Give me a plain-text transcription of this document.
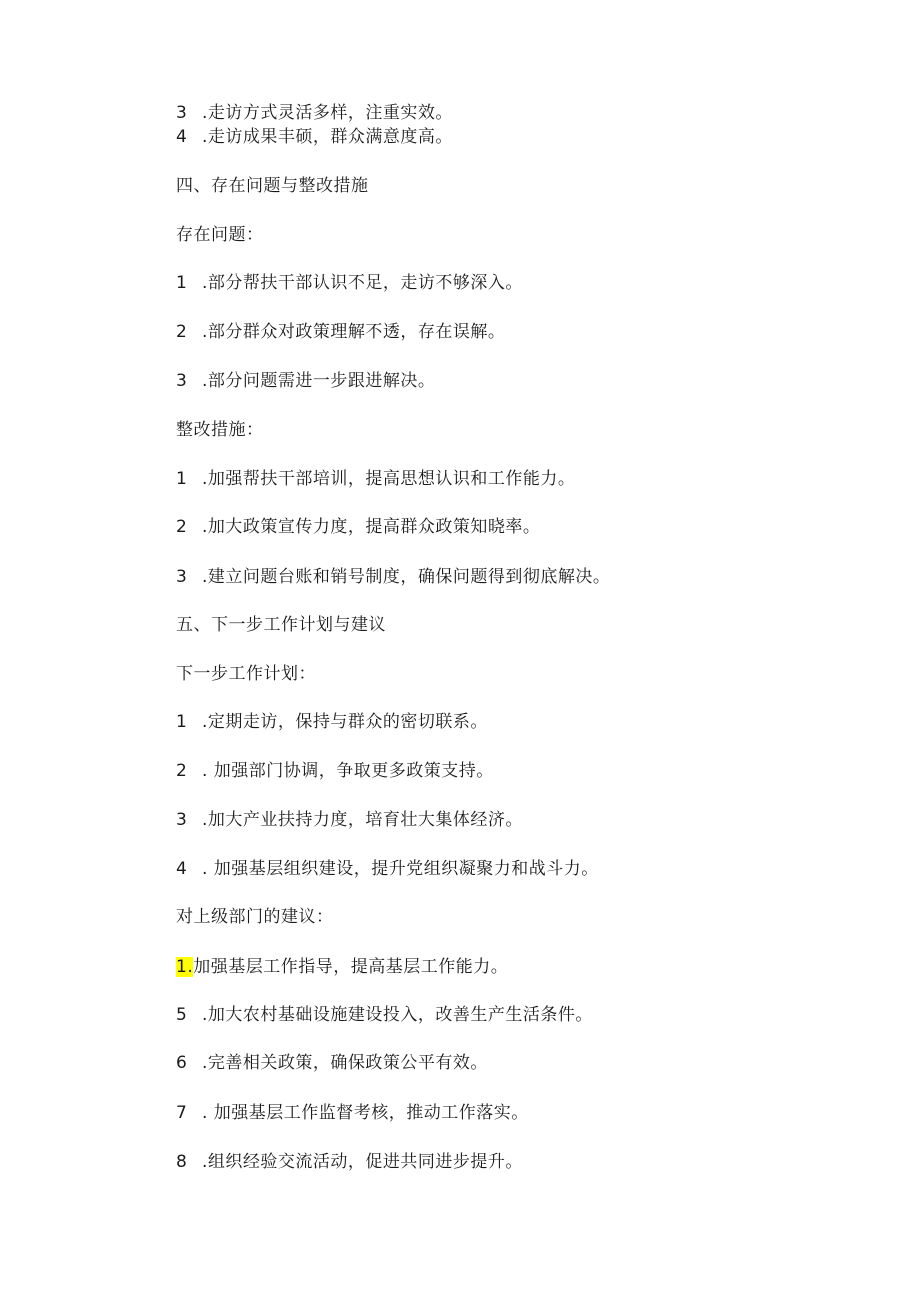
3 .走访方式灵活多样，注重实效。
4 .走访成果丰硕，群众满意度高。
四、存在问题与整改措施
存在问题：
1 .部分帮扶干部认识不足，走访不够深入。
2 .部分群众对政策理解不透，存在误解。
3 .部分问题需进一步跟进解决。
整改措施：
1 .加强帮扶干部培训，提高思想认识和工作能力。
2 .加大政策宣传力度，提高群众政策知晓率。
3 .建立问题台账和销号制度，确保问题得到彻底解决。
五、下一步工作计划与建议
下一步工作计划：
1 .定期走访，保持与群众的密切联系。
2 . 加强部门协调，争取更多政策支持。
3 .加大产业扶持力度，培育壮大集体经济。
4 . 加强基层组织建设，提升党组织凝聚力和战斗力。
对上级部门的建议：
1.加强基层工作指导，提高基层工作能力。
5 .加大农村基础设施建设投入，改善生产生活条件。
6 .完善相关政策，确保政策公平有效。
7 . 加强基层工作监督考核，推动工作落实。
8 .组织经验交流活动，促进共同进步提升。
